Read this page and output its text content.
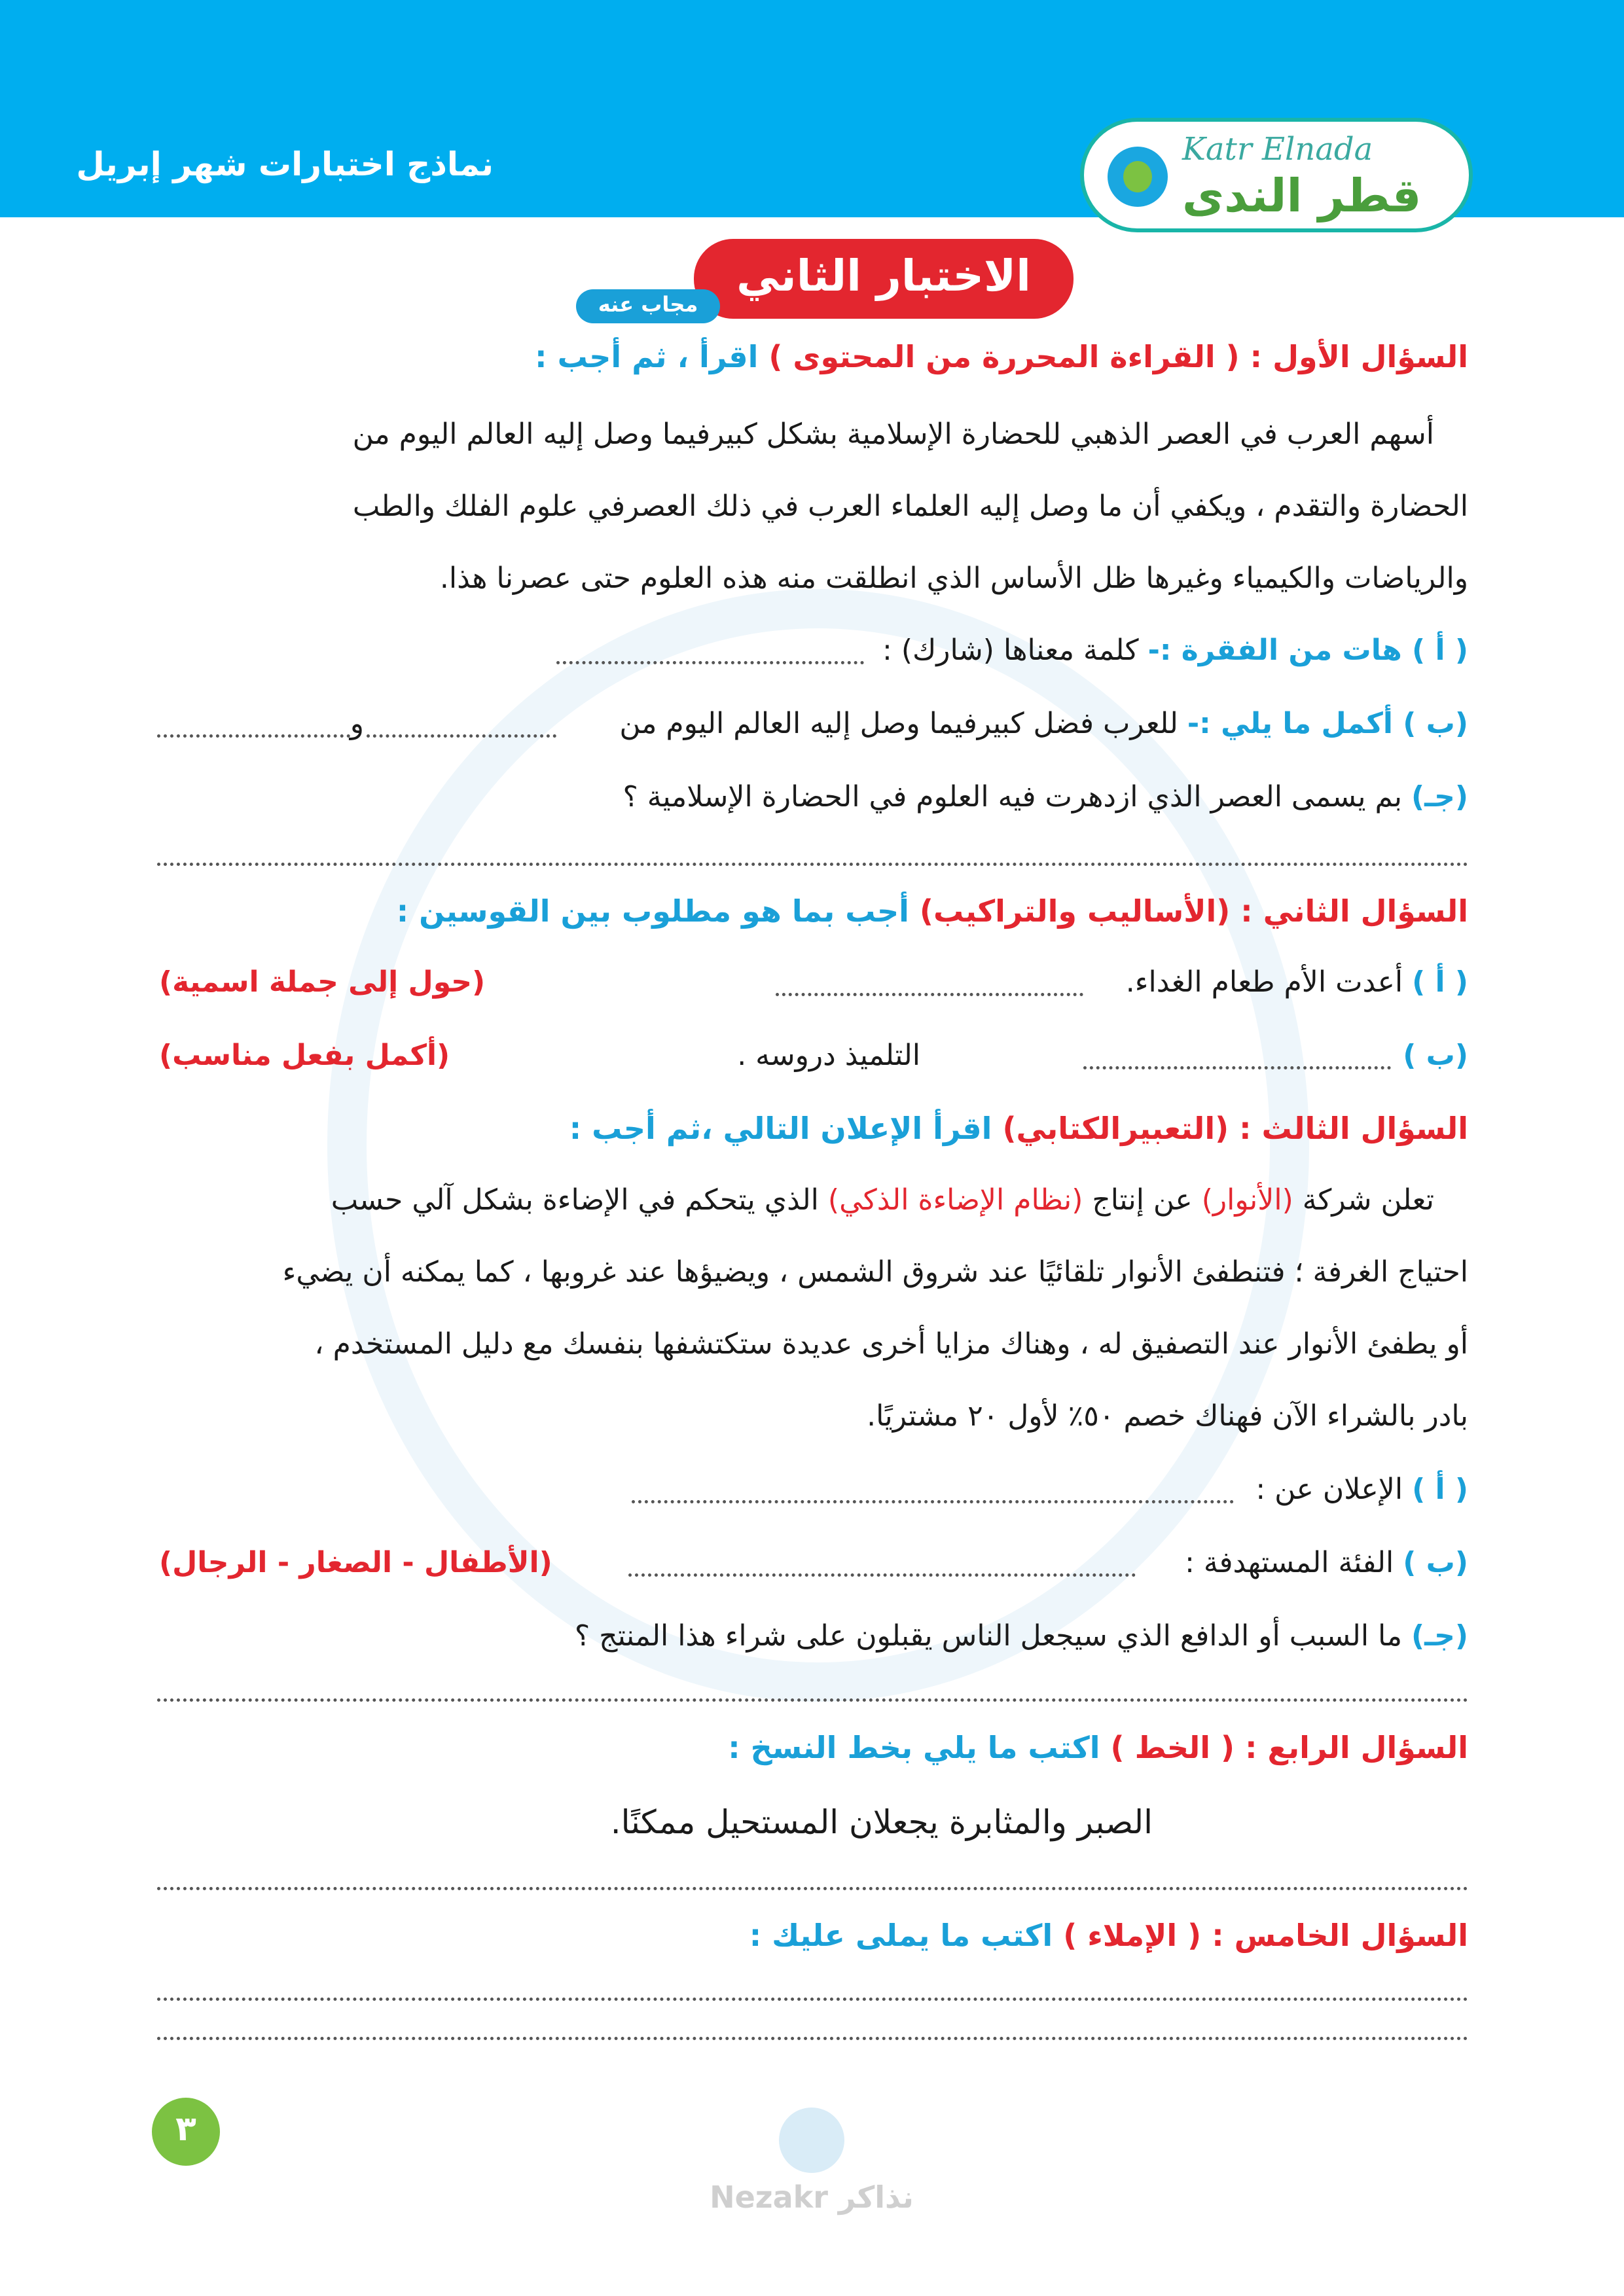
نماذج اختبارات شهر إبريل	Katr Elnada
قطر الندى
الاختبار الثاني
مجاب عنه
السؤال الأول : ( القراءة المحررة من المحتوى ) اقرأ ، ثم أجب :
أسهم العرب في العصر الذهبي للحضارة الإسلامية بشكل كبيرفيما وصل إليه العالم اليوم من
الحضارة والتقدم ، ويكفي أن ما وصل إليه العلماء العرب في ذلك العصرفي علوم الفلك والطب
والرياضات والكيمياء وغيرها ظل الأساس الذي انطلقت منه هذه العلوم حتى عصرنا هذا.
( أ ) هات من الفقرة :- كلمة معناها (شارك) :
(ب ) أكمل ما يلي :- للعرب فضل كبيرفيما وصل إليه العالم اليوم من
و
(جـ) بم يسمى العصر الذي ازدهرت فيه العلوم في الحضارة الإسلامية ؟
السؤال الثاني : (الأساليب والتراكيب) أجب بما هو مطلوب بين القوسين :
( أ ) أعدت الأم طعام الغداء.
(حول إلى جملة اسمية)
(ب )
التلميذ دروسه .
(أكمل بفعل مناسب)
السؤال الثالث : (التعبيرالكتابي) اقرأ الإعلان التالي ،ثم أجب :
تعلن شركة (الأنوار) عن إنتاج (نظام الإضاءة الذكي) الذي يتحكم في الإضاءة بشكل آلي حسب
احتياج الغرفة ؛ فتنطفئ الأنوار تلقائيًا عند شروق الشمس ، ويضيؤها عند غروبها ، كما يمكنه أن يضيء
أو يطفئ الأنوار عند التصفيق له ، وهناك مزايا أخرى عديدة ستكتشفها بنفسك مع دليل المستخدم ،
بادر بالشراء الآن فهناك خصم ٥٠٪ لأول ٢٠ مشتريًا.
( أ ) الإعلان عن :
(ب ) الفئة المستهدفة :
(الأطفال - الصغار - الرجال)
(جـ) ما السبب أو الدافع الذي سيجعل الناس يقبلون على شراء هذا المنتج ؟
السؤال الرابع : ( الخط ) اكتب ما يلي بخط النسخ :
الصبر والمثابرة يجعلان المستحيل ممكنًا.
السؤال الخامس : ( الإملاء ) اكتب ما يملى عليك :
٣
Nezakr نذاكر
